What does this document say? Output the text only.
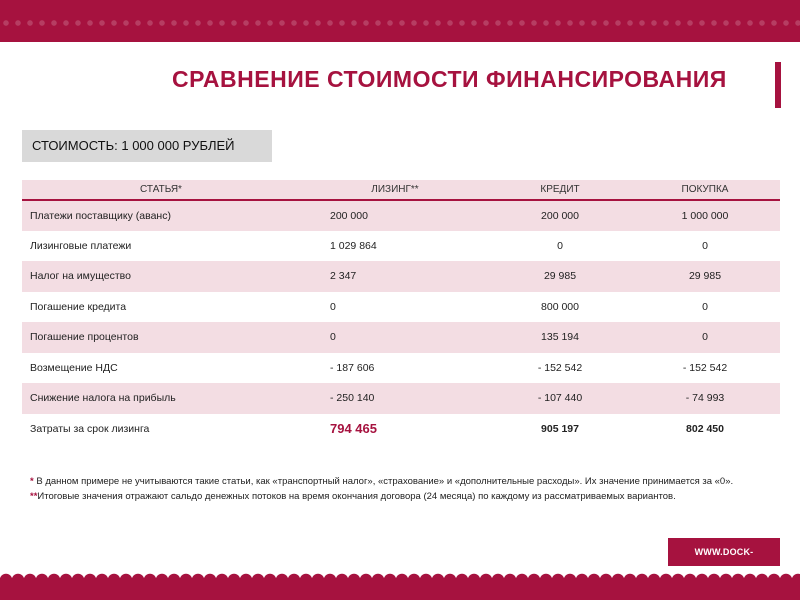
СРАВНЕНИЕ СТОИМОСТИ ФИНАНСИРОВАНИЯ
СТОИМОСТЬ: 1 000 000 РУБЛЕЙ
СТАТЬЯ*	ЛИЗИНГ**	КРЕДИТ	ПОКУПКА
Платежи поставщику (аванс)	200 000	200 000	1 000 000
Лизинговые платежи	1 029 864	0	0
Налог на имущество	2 347	29 985	29 985
Погашение кредита	0	800 000	0
Погашение процентов	0	135 194	0
Возмещение НДС	- 187 606	- 152 542	- 152 542
Снижение налога на прибыль	- 250 140	- 107 440	- 74 993
Затраты за срок лизинга	794 465	905 197	802 450

* В данном примере не учитываются такие статьи, как «транспортный налог», «страхование» и «дополнительные расходы». Их значение принимается за «0».

**Итоговые значения отражают сальдо денежных потоков на время окончания договора (24 месяца) по каждому из рассматриваемых вариантов.

WWW.DOCK-
